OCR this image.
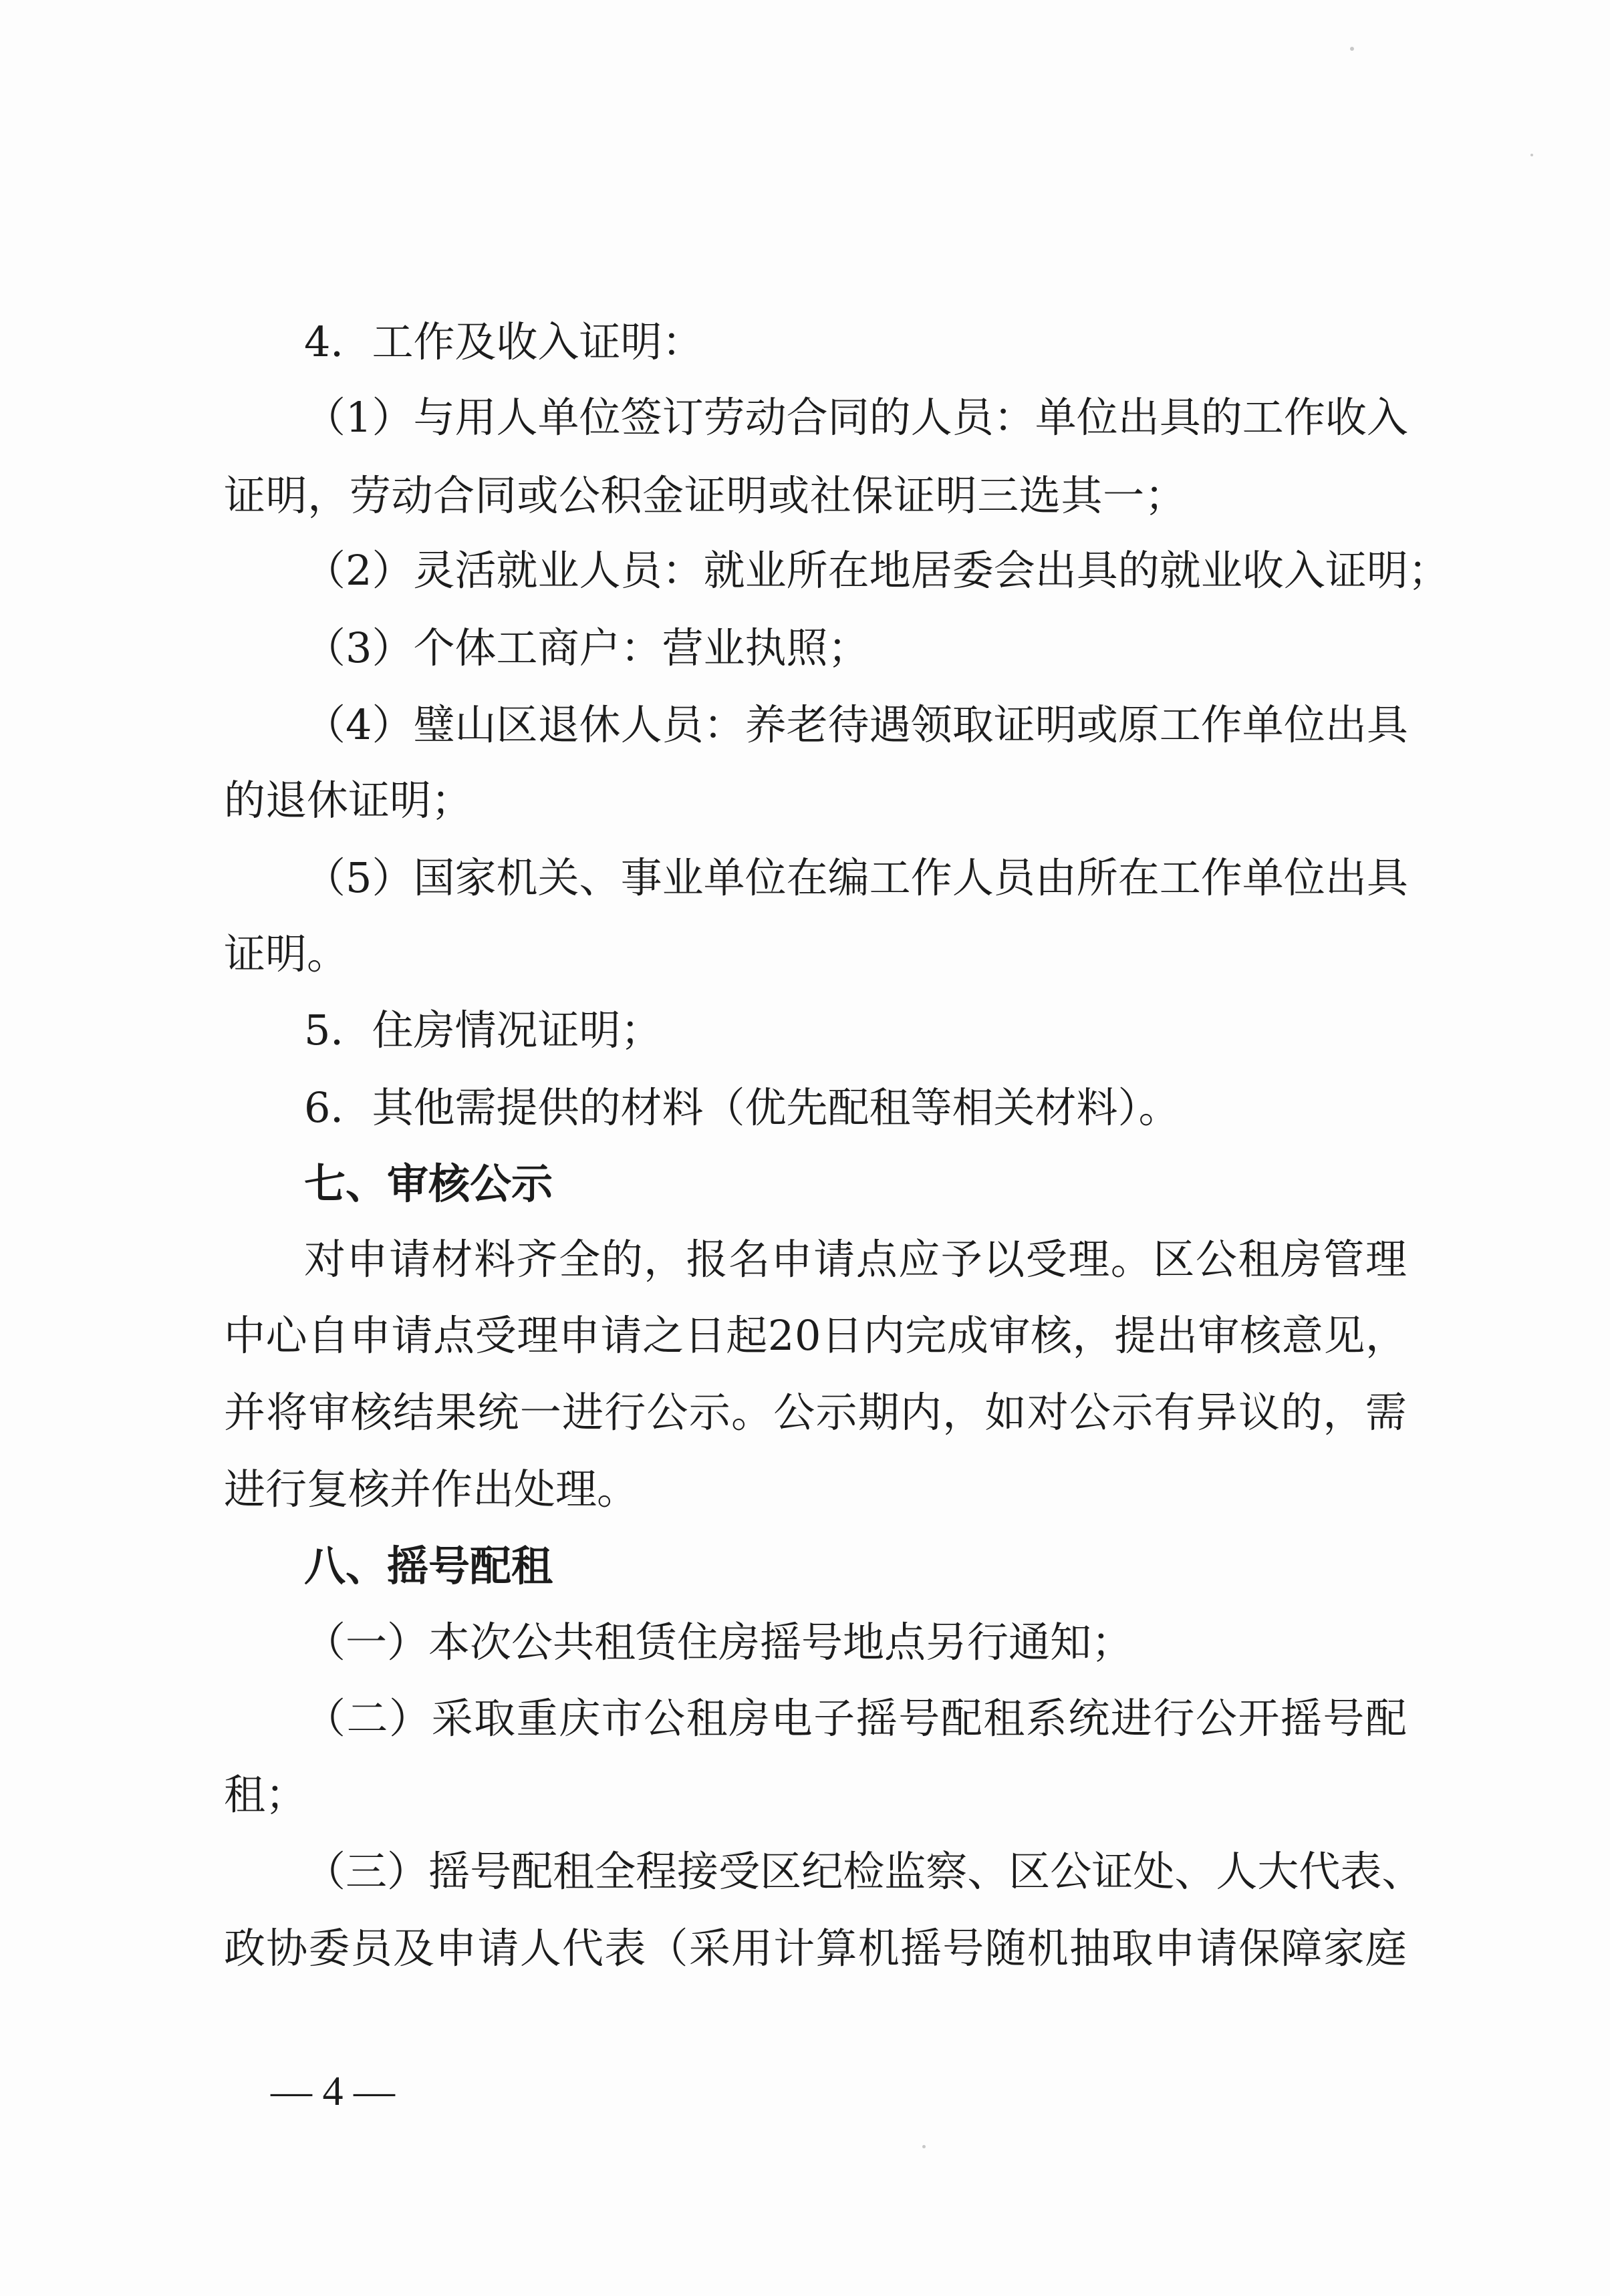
4．工作及收入证明：
（ 1 ） 与 用 人 单 位 签 订 劳 动 合 同 的 人 员 ： 单 位 出 具 的 工 作 收 入
证 明 ， 劳 动 合 同 或 公 积 金 证 明 或 社 保 证 明 三 选 其 一 ；
（ 2 ） 灵 活 就 业 人 员 ： 就 业 所 在 地 居 委 会 出 具 的 就 业 收 入 证 明 ；
（3）个体工商户：营业执照；
（ 4 ） 璧 山 区 退 休 人 员 ： 养 老 待 遇 领 取 证 明 或 原 工 作 单 位 出 具
的退休证明；
（ 5 ） 国 家 机 关 、 事 业 单 位 在 编 工 作 人 员 由 所 在 工 作 单 位 出 具
证明。
5．住房情况证明；
6．其他需提供的材料（优先配租等相关材料）。
七、审核公示
对 申 请 材 料 齐 全 的 ， 报 名 申 请 点 应 予 以 受 理 。 区 公 租 房 管 理
中 心 自 申 请 点 受 理 申 请 之 日 起 2 0 日 内 完 成 审 核 ， 提 出 审 核 意 见 ，
并 将 审 核 结 果 统 一 进 行 公 示 。 公 示 期 内 ， 如 对 公 示 有 异 议 的 ， 需
进行复核并作出处理。
八、摇号配租
（一）本次公共租赁住房摇号地点另行通知；
（ 二 ） 采 取 重 庆 市 公 租 房 电 子 摇 号 配 租 系 统 进 行 公 开 摇 号 配
租；
（ 三 ） 摇 号 配 租 全 程 接 受 区 纪 检 监 察 、 区 公 证 处 、 人 大 代 表 、
政 协 委 员 及 申 请 人 代 表 （ 采 用 计 算 机 摇 号 随 机 抽 取 申 请 保 障 家 庭
— 4 —
